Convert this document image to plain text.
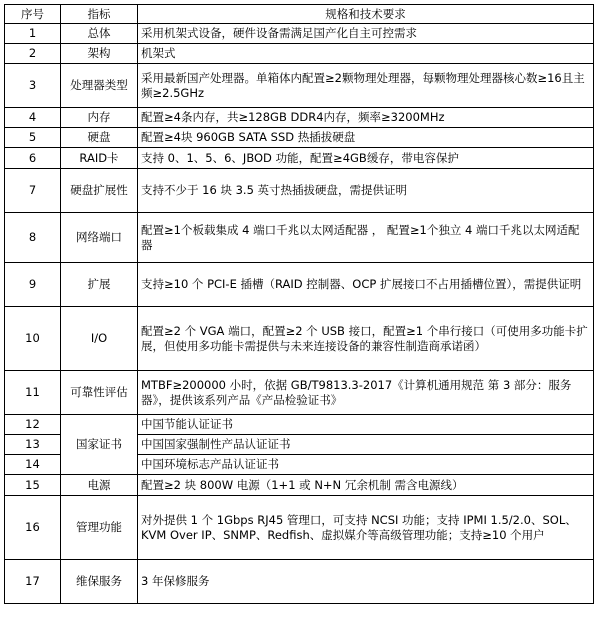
序号	指标	规格和技术要求
1	总体	采用机架式设备，硬件设备需满足国产化自主可控需求
2	架构	机架式
3	处理器类型	采用最新国产处理器。单箱体内配置≥2颗物理处理器，每颗物理处理器核心数≥16且主频≥2.5GHz
4	内存	配置≥4条内存，共≥128GB DDR4内存，频率≥3200MHz
5	硬盘	配置≥4块 960GB SATA SSD 热插拔硬盘
6	RAID卡	支持 0、1、5、6、JBOD 功能，配置≥4GB缓存，带电容保护
7	硬盘扩展性	支持不少于 16 块 3.5 英寸热插拔硬盘，需提供证明
8	网络端口	配置≥1个板载集成 4 端口千兆以太网适配器 ， 配置≥1个独立 4 端口千兆以太网适配器
9	扩展	支持≥10 个 PCI-E 插槽（RAID 控制器、OCP 扩展接口不占用插槽位置），需提供证明
10	I/O	配置≥2 个 VGA 端口，配置≥2 个 USB 接口，配置≥1 个串行接口（可使用多功能卡扩展，但使用多功能卡需提供与未来连接设备的兼容性制造商承诺函）
11	可靠性评估	MTBF≥200000 小时，依据 GB/T9813.3-2017《计算机通用规范 第 3 部分：服务器》，提供该系列产品《产品检验证书》
12	国家证书	中国节能认证证书
13		中国国家强制性产品认证证书
14		中国环境标志产品认证证书
15	电源	配置≥2 块 800W 电源（1+1 或 N+N 冗余机制 需含电源线）
16	管理功能	对外提供 1 个 1Gbps RJ45 管理口，可支持 NCSI 功能；支持 IPMI 1.5/2.0、SOL、KVM Over IP、SNMP、Redfish、虚拟媒介等高级管理功能；支持≥10 个用户
17	维保服务	3 年保修服务
